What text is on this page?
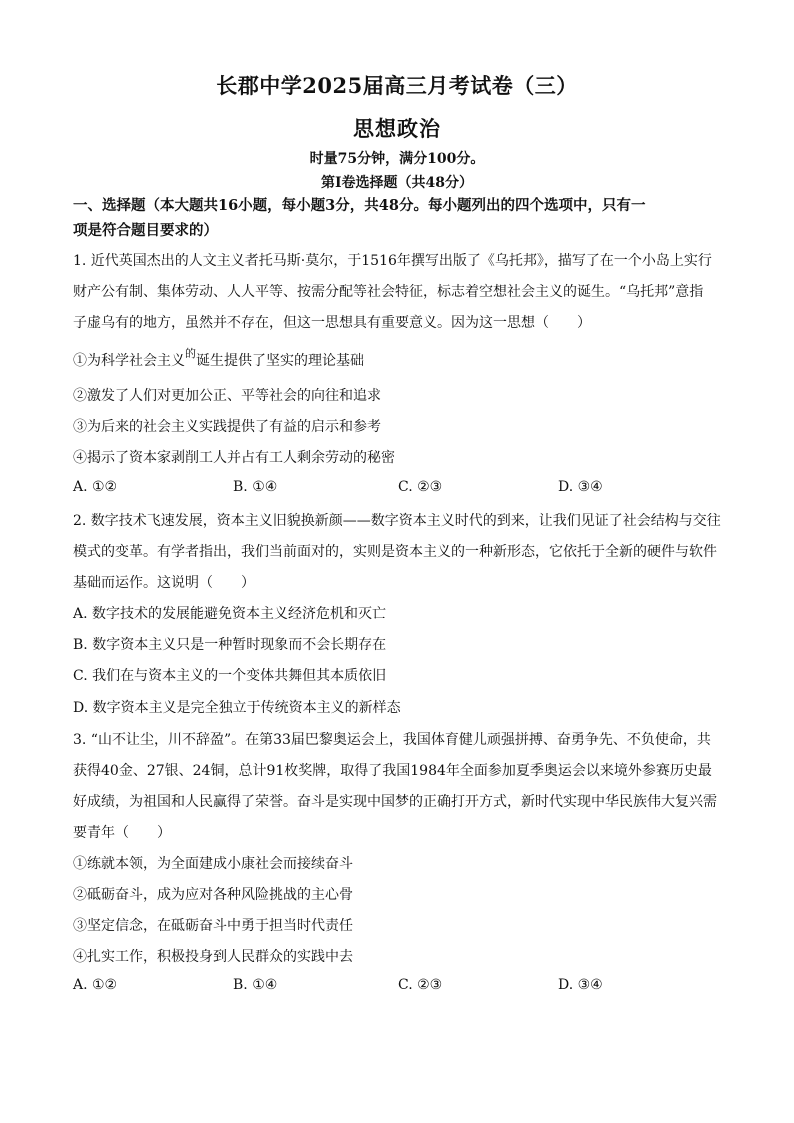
长郡中学2025届高三月考试卷（三）
思想政治
时量75分钟，满分100分。
第Ⅰ卷选择题（共48分）
一、选择题（本大题共16小题，每小题3分，共48分。每小题列出的四个选项中，只有一
项是符合题目要求的）
1. 近代英国杰出的人文主义者托马斯·莫尔，于1516年撰写出版了《乌托邦》，描写了在一个小岛上实行
财产公有制、集体劳动、人人平等、按需分配等社会特征，标志着空想社会主义的诞生。“乌托邦”意指
子虚乌有的地方，虽然并不存在，但这一思想具有重要意义。因为这一思想（　　）
①为科学社会主义$^的$诞生提供了坚实的理论基础
②激发了人们对更加公正、平等社会的向往和追求
③为后来的社会主义实践提供了有益的启示和参考
④揭示了资本家剥削工人并占有工人剩余劳动的秘密
A. ①②	B. ①④	C. ②③	D. ③④
2. 数字技术飞速发展，资本主义旧貌换新颜——数字资本主义时代的到来，让我们见证了社会结构与交往
模式的变革。有学者指出，我们当前面对的，实则是资本主义的一种新形态，它依托于全新的硬件与软件
基础而运作。这说明（　　）
A. 数字技术的发展能避免资本主义经济危机和灭亡
B. 数字资本主义只是一种暂时现象而不会长期存在
C. 我们在与资本主义的一个变体共舞但其本质依旧
D. 数字资本主义是完全独立于传统资本主义的新样态
3. “山不让尘，川不辞盈”。在第33届巴黎奥运会上，我国体育健儿顽强拼搏、奋勇争先、不负使命，共
获得40金、27银、24铜，总计91枚奖牌，取得了我国1984年全面参加夏季奥运会以来境外参赛历史最
好成绩，为祖国和人民赢得了荣誉。奋斗是实现中国梦的正确打开方式，新时代实现中华民族伟大复兴需
要青年（　　）
①练就本领，为全面建成小康社会而接续奋斗
②砥砺奋斗，成为应对各种风险挑战的主心骨
③坚定信念，在砥砺奋斗中勇于担当时代责任
④扎实工作，积极投身到人民群众的实践中去
A. ①②	B. ①④	C. ②③	D. ③④
